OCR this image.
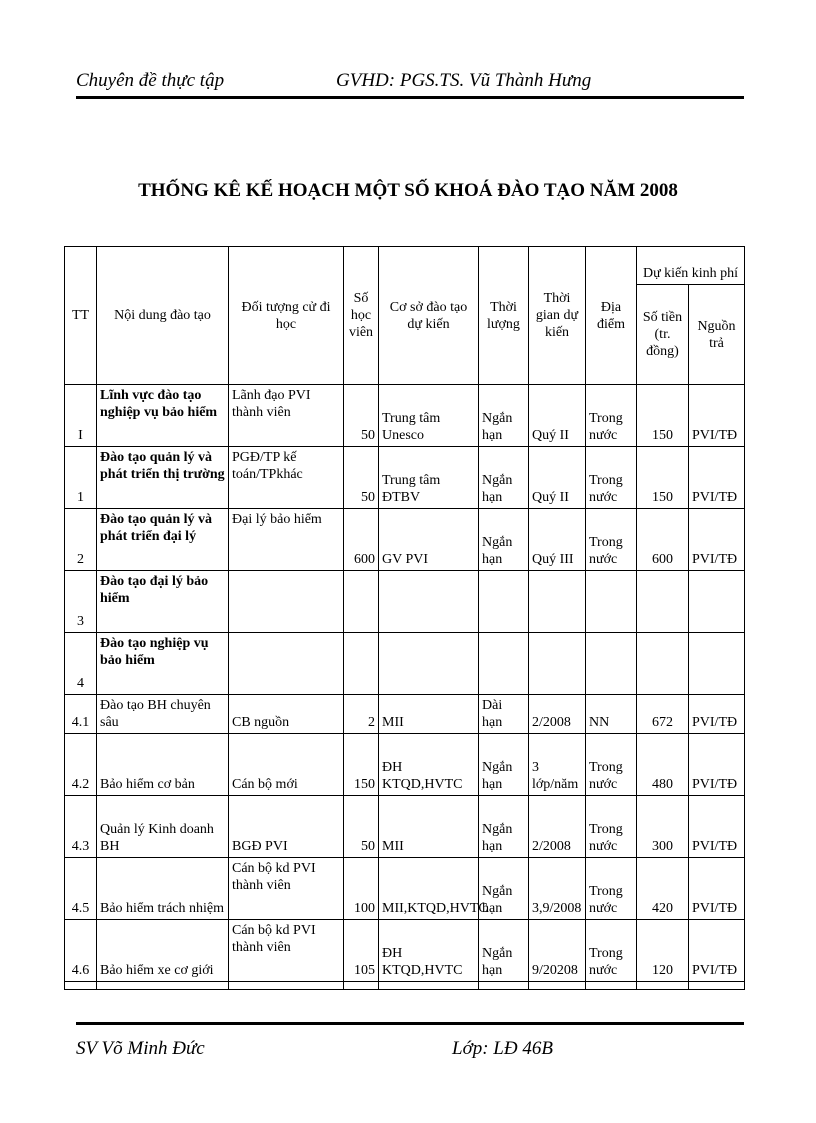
Chuyên đề thực tập	GVHD: PGS.TS. Vũ Thành Hưng
THỐNG KÊ KẾ HOẠCH MỘT SỐ KHOÁ ĐÀO TẠO NĂM 2008
TT	Nội dung đào tạo	Đối tượng cử đi học	Số học viên	Cơ sở đào tạo dự kiến	Thời lượng	Thời gian dự kiến	Địa điểm	Dự kiến kinh phí	
								Số tiền (tr. đồng)	Nguồn trả
I	Lĩnh vực đào tạo nghiệp vụ bảo hiểm	Lãnh đạo PVI thành viên	50	Trung tâm Unesco	Ngắn hạn	Quý II	Trong nước	150	PVI/TĐ
1	Đào tạo quản lý và phát triển thị trường	PGĐ/TP kế toán/TPkhác	50	Trung tâm ĐTBV	Ngắn hạn	Quý II	Trong nước	150	PVI/TĐ
2	Đào tạo quản lý và phát triển đại lý	Đại lý bảo hiểm	600	GV PVI	Ngắn hạn	Quý III	Trong nước	600	PVI/TĐ
3	Đào tạo đại lý bảo hiểm								
4	Đào tạo nghiệp vụ bảo hiểm								
4.1	Đào tạo BH chuyên sâu	CB nguồn	2	MII	Dài hạn	2/2008	NN	672	PVI/TĐ
4.2	Bảo hiểm cơ bản	Cán bộ mới	150	ĐH KTQD,HVTC	Ngắn hạn	3 lớp/năm	Trong nước	480	PVI/TĐ
4.3	Quản lý Kinh doanh BH	BGĐ PVI	50	MII	Ngắn hạn	2/2008	Trong nước	300	PVI/TĐ
4.5	Bảo hiểm trách nhiệm	Cán bộ kd PVI thành viên	100	MII,KTQD,HVTC	Ngắn hạn	3,9/2008	Trong nước	420	PVI/TĐ
4.6	Bảo hiểm xe cơ giới	Cán bộ kd PVI thành viên	105	ĐH KTQD,HVTC	Ngắn hạn	9/20208	Trong nước	120	PVI/TĐ

SV Võ Minh Đức	Lớp: LĐ 46B
